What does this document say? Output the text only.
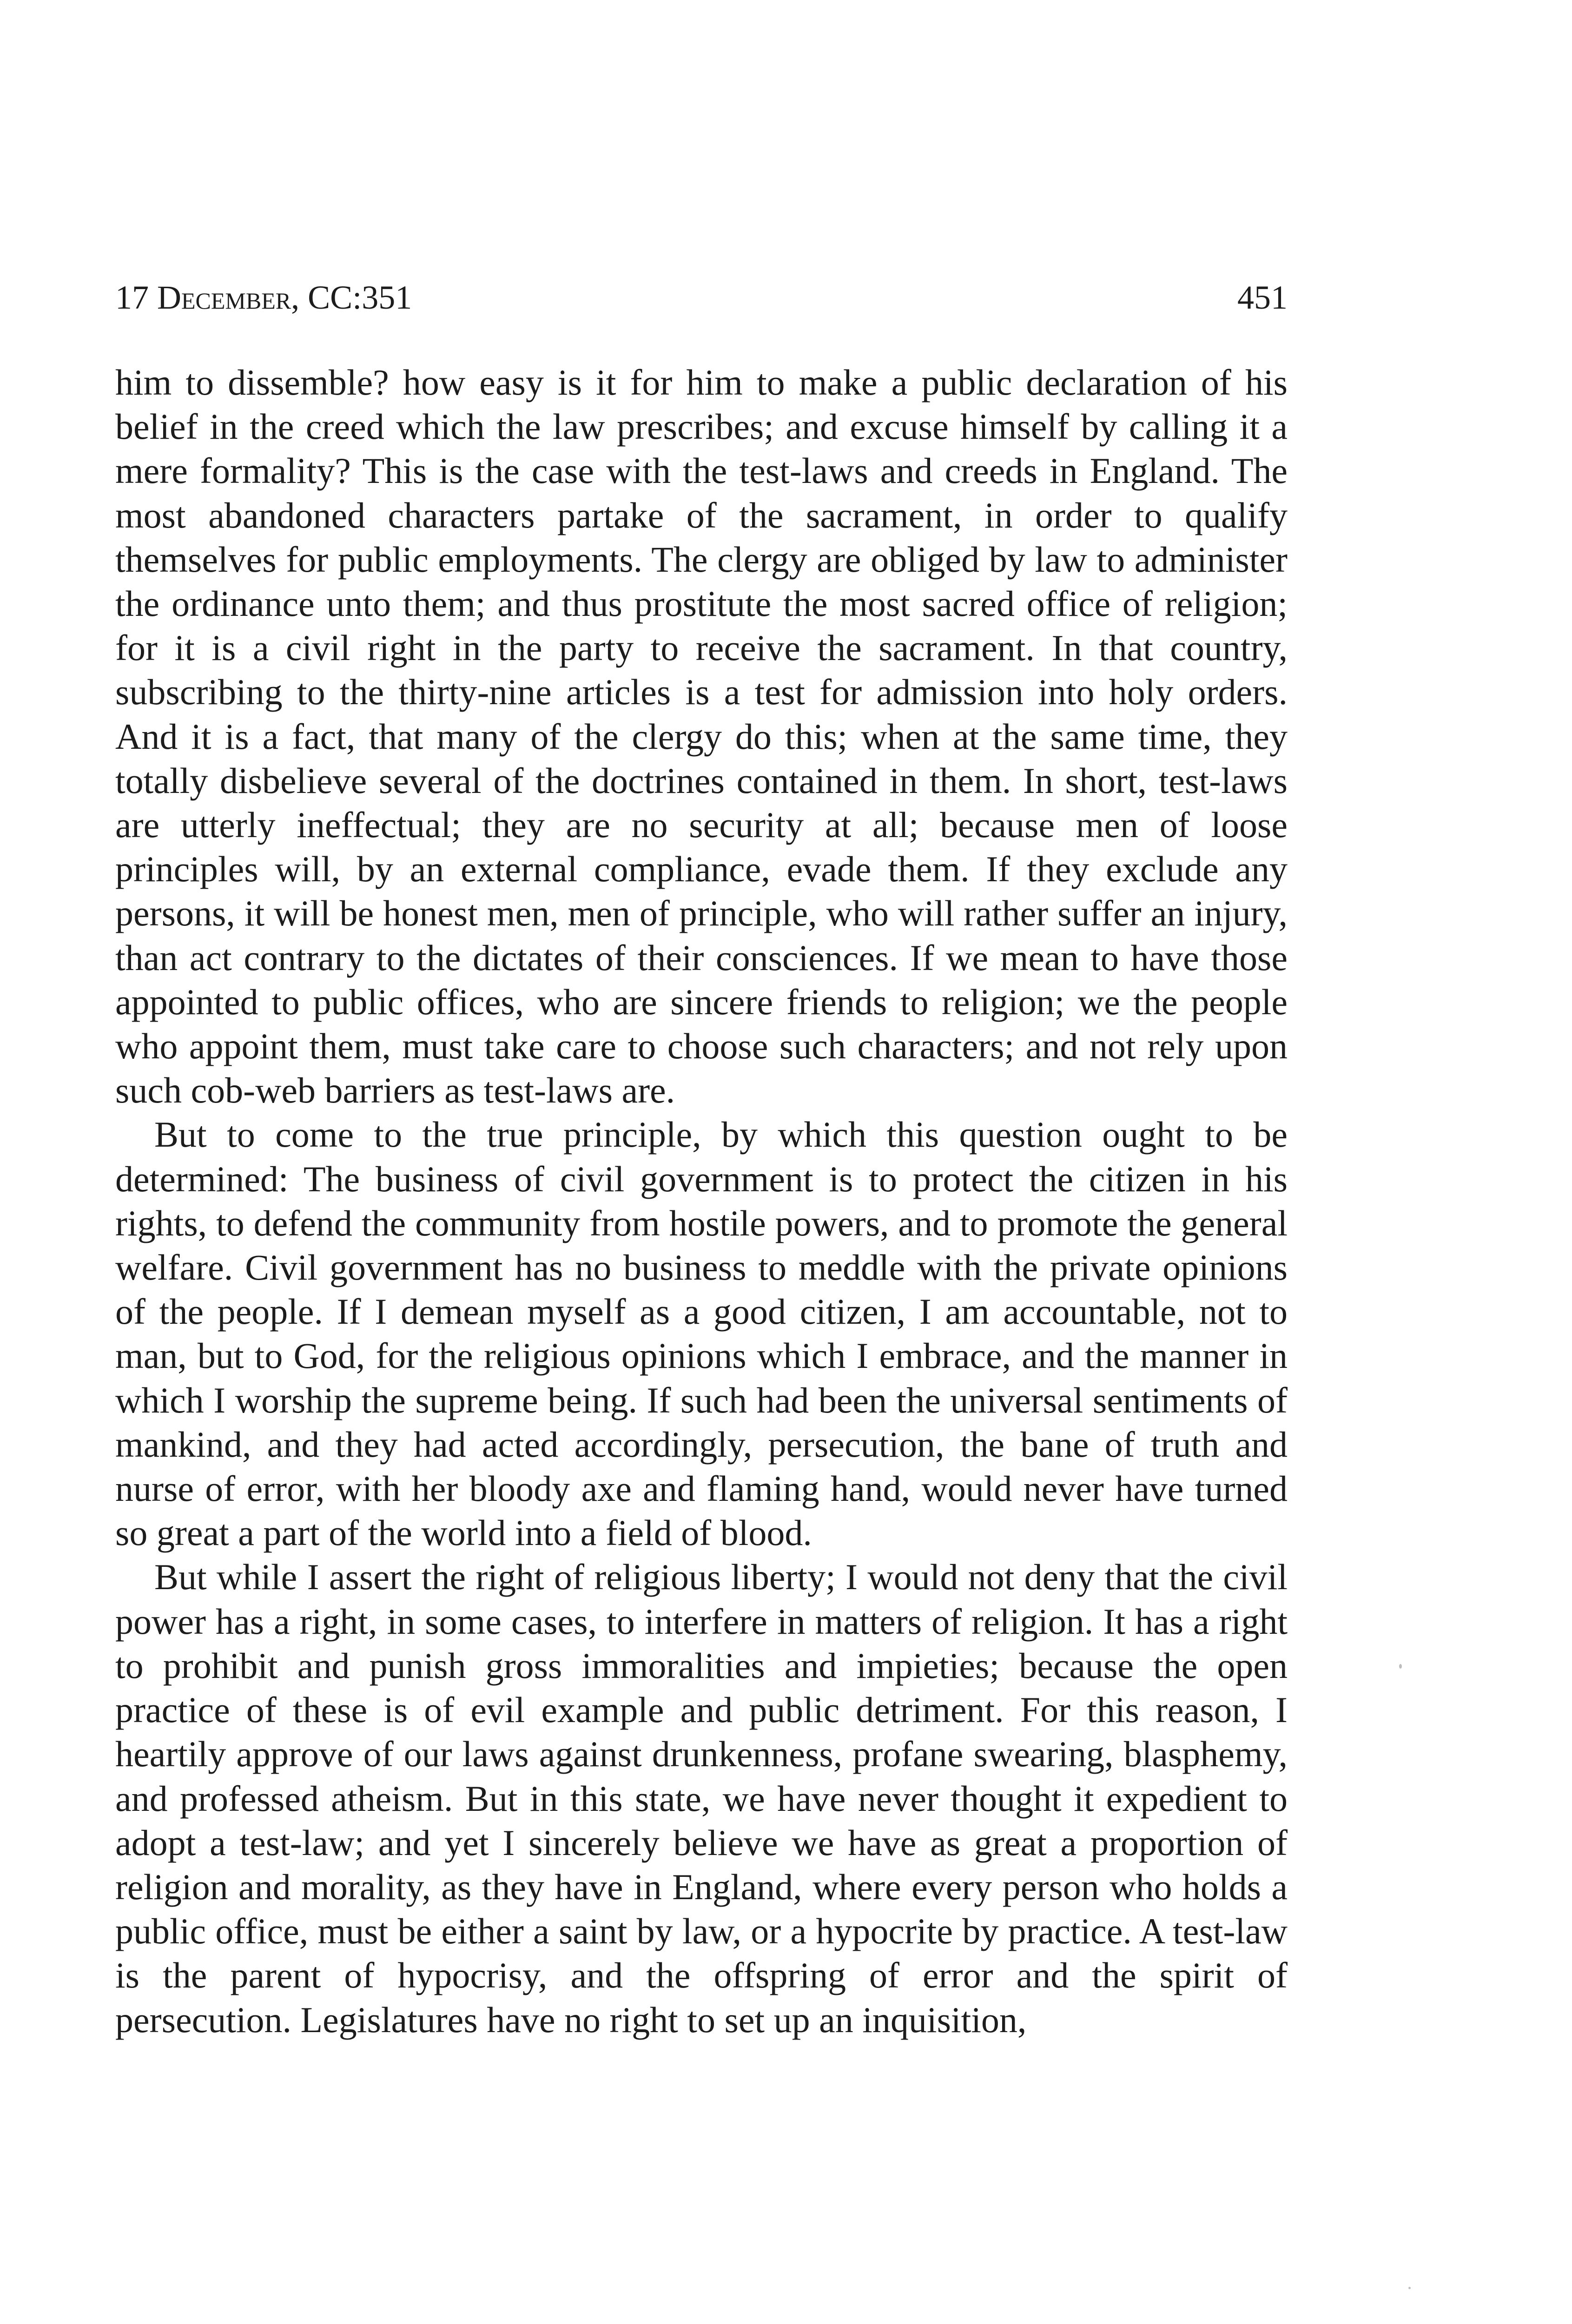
17 December, CC:351	451

him to dissemble? how easy is it for him to make a public declaration of his belief in the creed which the law prescribes; and excuse himself by calling it a mere formality? This is the case with the test-laws and creeds in England. The most abandoned characters partake of the sacrament, in order to qualify themselves for public employments. The clergy are obliged by law to administer the ordinance unto them; and thus prostitute the most sacred office of religion; for it is a civil right in the party to receive the sacrament. In that country, subscribing to the thirty-nine articles is a test for admission into holy orders. And it is a fact, that many of the clergy do this; when at the same time, they totally disbelieve several of the doctrines contained in them. In short, test-laws are utterly ineffectual; they are no security at all; because men of loose principles will, by an external compliance, evade them. If they exclude any persons, it will be honest men, men of principle, who will rather suffer an injury, than act contrary to the dictates of their consciences. If we mean to have those appointed to public offices, who are sincere friends to religion; we the people who appoint them, must take care to choose such characters; and not rely upon such cob-web barriers as test-laws are.

But to come to the true principle, by which this question ought to be determined: The business of civil government is to protect the citizen in his rights, to defend the community from hostile powers, and to promote the general welfare. Civil government has no business to meddle with the private opinions of the people. If I demean myself as a good citizen, I am accountable, not to man, but to God, for the religious opinions which I embrace, and the manner in which I worship the supreme being. If such had been the universal sentiments of mankind, and they had acted accordingly, persecution, the bane of truth and nurse of error, with her bloody axe and flaming hand, would never have turned so great a part of the world into a field of blood.

But while I assert the right of religious liberty; I would not deny that the civil power has a right, in some cases, to interfere in matters of religion. It has a right to prohibit and punish gross immoralities and impieties; because the open practice of these is of evil example and public detriment. For this reason, I heartily approve of our laws against drunkenness, profane swearing, blasphemy, and professed atheism. But in this state, we have never thought it expedient to adopt a test-law; and yet I sincerely believe we have as great a proportion of religion and morality, as they have in England, where every person who holds a public office, must be either a saint by law, or a hypocrite by practice. A test-law is the parent of hypocrisy, and the offspring of error and the spirit of persecution. Legislatures have no right to set up an inquisition,
